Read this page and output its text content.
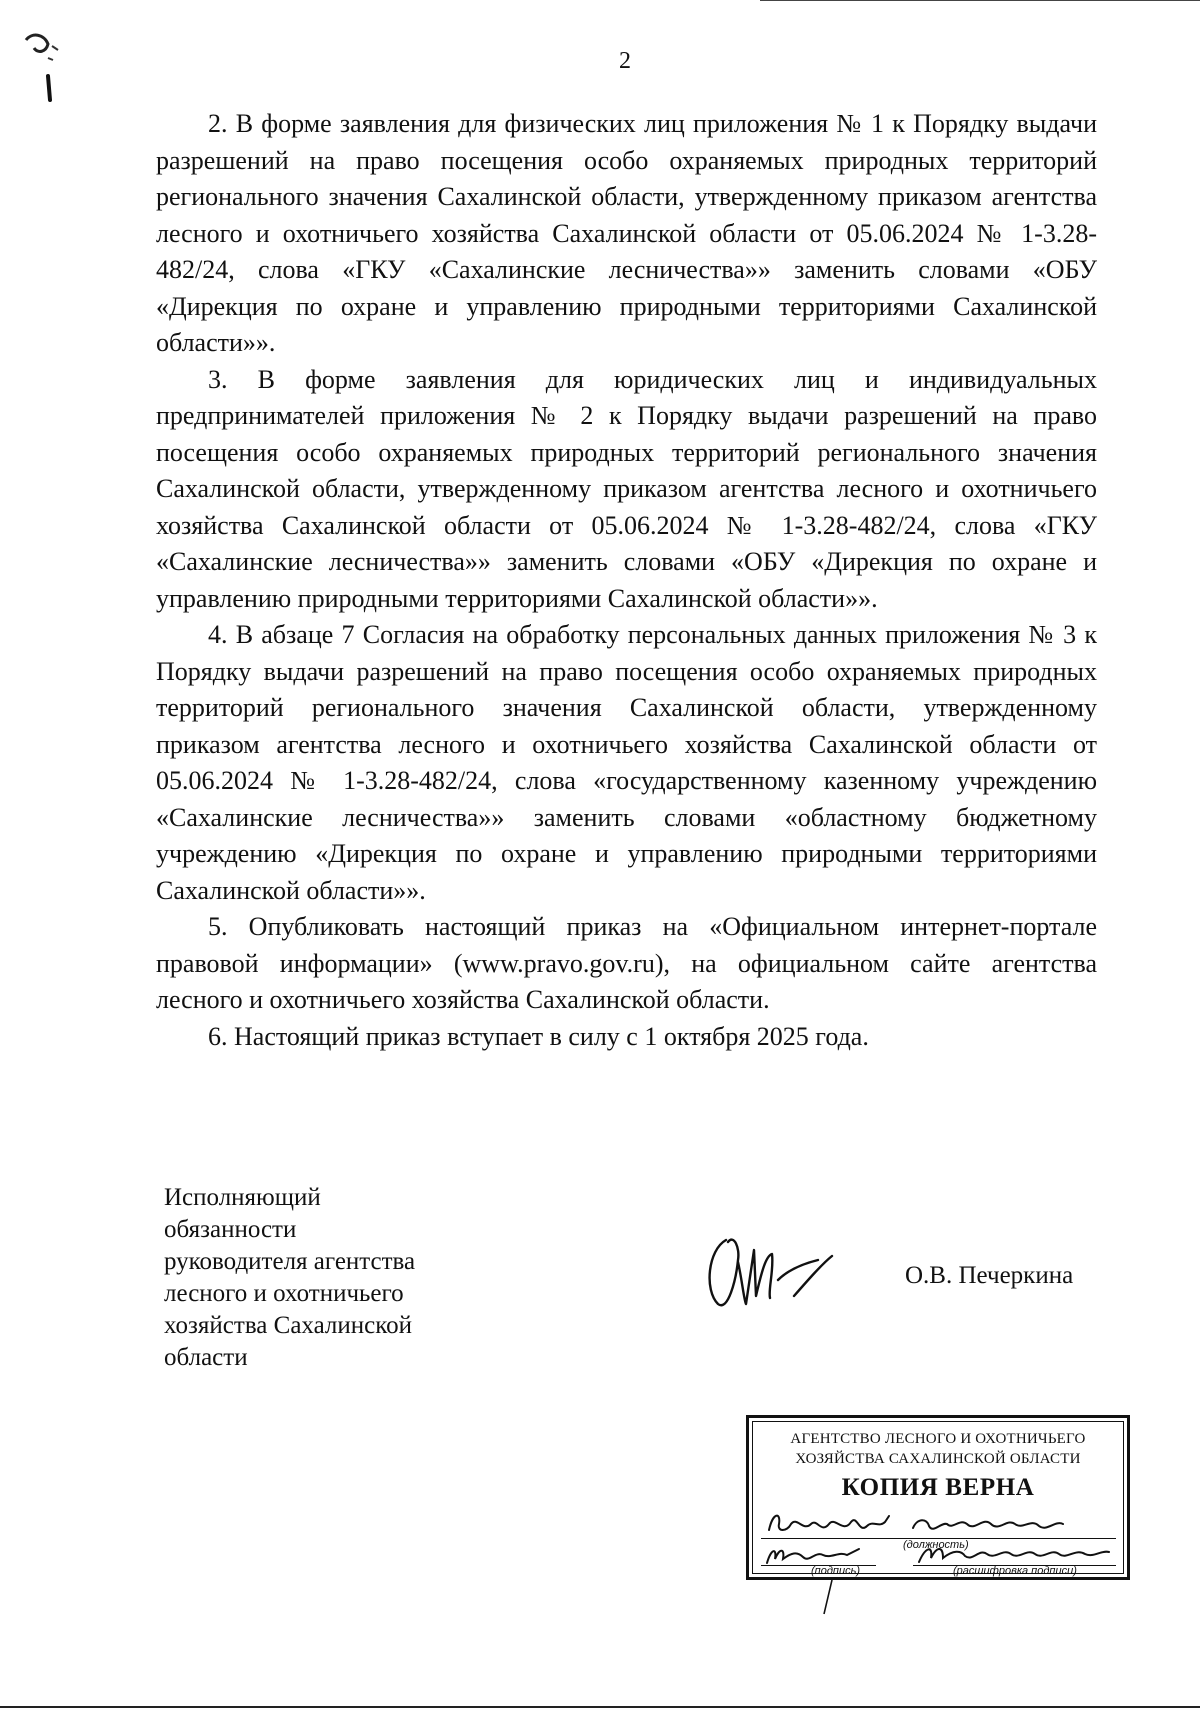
2

2. В форме заявления для физических лиц приложения № 1 к Порядку выдачи разрешений на право посещения особо охраняемых природных территорий регионального значения Сахалинской области, утвержденному приказом агентства лесного и охотничьего хозяйства Сахалинской области от 05.06.2024 № 1-3.28-482/24, слова «ГКУ «Сахалинские лесничества»» заменить словами «ОБУ «Дирекция по охране и управлению природными территориями Сахалинской области»».

3. В форме заявления для юридических лиц и индивидуальных предпринимателей приложения № 2 к Порядку выдачи разрешений на право посещения особо охраняемых природных территорий регионального значения Сахалинской области, утвержденному приказом агентства лесного и охотничьего хозяйства Сахалинской области от 05.06.2024 № 1-3.28-482/24, слова «ГКУ «Сахалинские лесничества»» заменить словами «ОБУ «Дирекция по охране и управлению природными территориями Сахалинской области»».

4. В абзаце 7 Согласия на обработку персональных данных приложения № 3 к Порядку выдачи разрешений на право посещения особо охраняемых природных территорий регионального значения Сахалинской области, утвержденному приказом агентства лесного и охотничьего хозяйства Сахалинской области от 05.06.2024 № 1-3.28-482/24, слова «государственному казенному учреждению «Сахалинские лесничества»» заменить словами «областному бюджетному учреждению «Дирекция по охране и управлению природными территориями Сахалинской области»».

5. Опубликовать настоящий приказ на «Официальном интернет-портале правовой информации» (www.pravo.gov.ru), на официальном сайте агентства лесного и охотничьего хозяйства Сахалинской области.

6. Настоящий приказ вступает в силу с 1 октября 2025 года.

Исполняющий
обязанности
руководителя агентства
лесного и охотничьего
хозяйства Сахалинской
области
О.В. Печеркина
АГЕНТСТВО ЛЕСНОГО И ОХОТНИЧЬЕГО
ХОЗЯЙСТВА САХАЛИНСКОЙ ОБЛАСТИ
КОПИЯ ВЕРНА
(должность)
(подпись)	(расшифровка подписи)
